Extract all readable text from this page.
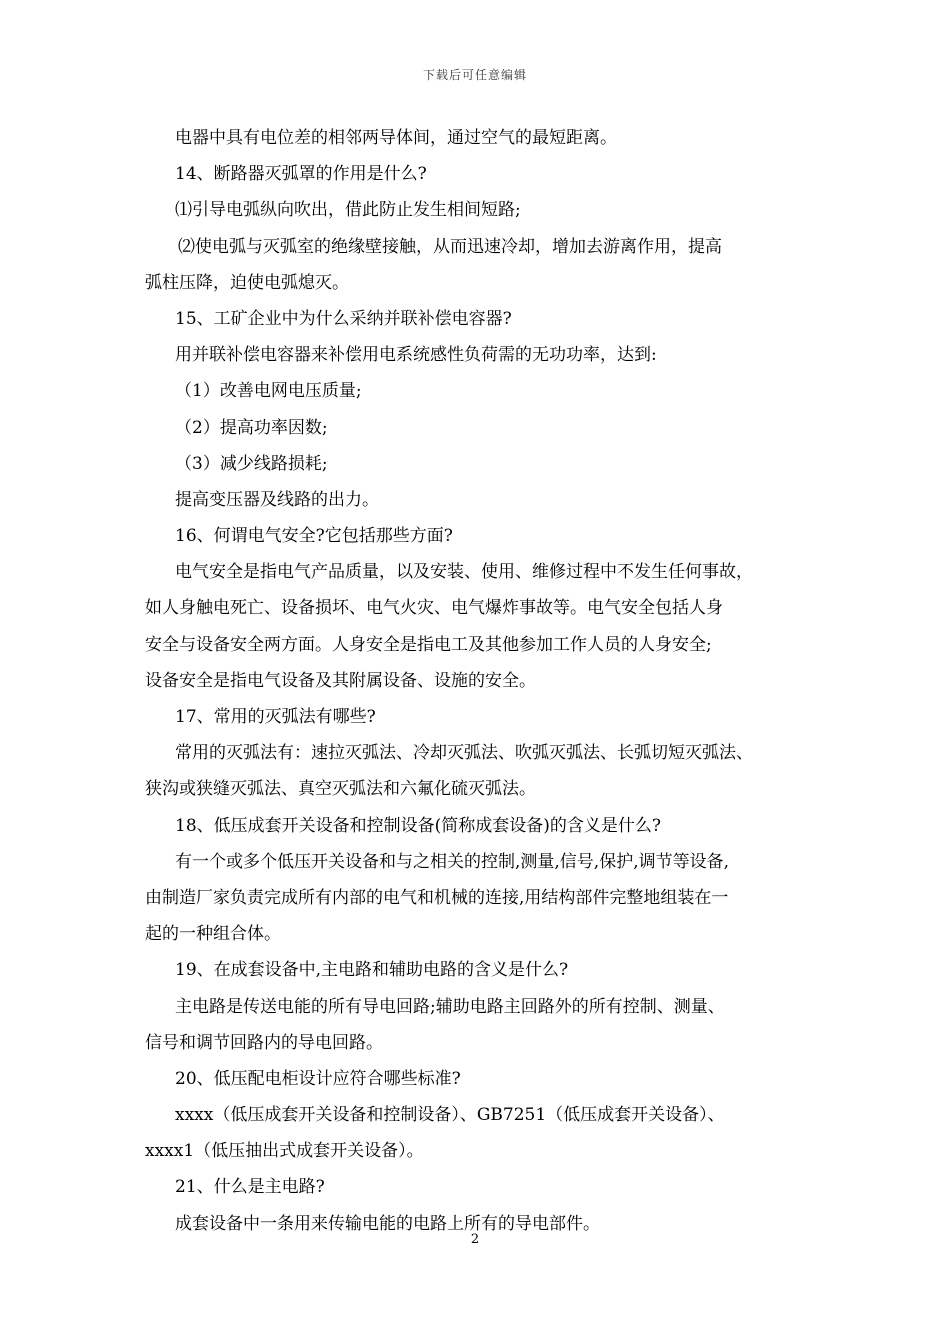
下载后可任意编辑
电器中具有电位差的相邻两导体间，通过空气的最短距离。
14、断路器灭弧罩的作用是什么?
⑴引导电弧纵向吹出，借此防止发生相间短路;
⑵使电弧与灭弧室的绝缘壁接触，从而迅速冷却，增加去游离作用，提高
弧柱压降，迫使电弧熄灭。
15、工矿企业中为什么采纳并联补偿电容器?
用并联补偿电容器来补偿用电系统感性负荷需的无功功率，达到:
（1）改善电网电压质量;
（2）提高功率因数;
（3）减少线路损耗;
提高变压器及线路的出力。
16、何谓电气安全?它包括那些方面?
电气安全是指电气产品质量，以及安装、使用、维修过程中不发生任何事故，
如人身触电死亡、设备损坏、电气火灾、电气爆炸事故等。电气安全包括人身
安全与设备安全两方面。人身安全是指电工及其他参加工作人员的人身安全;
设备安全是指电气设备及其附属设备、设施的安全。
17、常用的灭弧法有哪些?
常用的灭弧法有：速拉灭弧法、冷却灭弧法、吹弧灭弧法、长弧切短灭弧法、
狭沟或狭缝灭弧法、真空灭弧法和六氟化硫灭弧法。
18、低压成套开关设备和控制设备(简称成套设备)的含义是什么?
有一个或多个低压开关设备和与之相关的控制,测量,信号,保护,调节等设备,
由制造厂家负责完成所有内部的电气和机械的连接,用结构部件完整地组装在一
起的一种组合体。
19、在成套设备中,主电路和辅助电路的含义是什么?
主电路是传送电能的所有导电回路;辅助电路主回路外的所有控制、测量、
信号和调节回路内的导电回路。
20、低压配电柜设计应符合哪些标准?
xxxx（低压成套开关设备和控制设备）、GB7251（低压成套开关设备）、
xxxx1（低压抽出式成套开关设备）。
21、什么是主电路?
成套设备中一条用来传输电能的电路上所有的导电部件。
2
